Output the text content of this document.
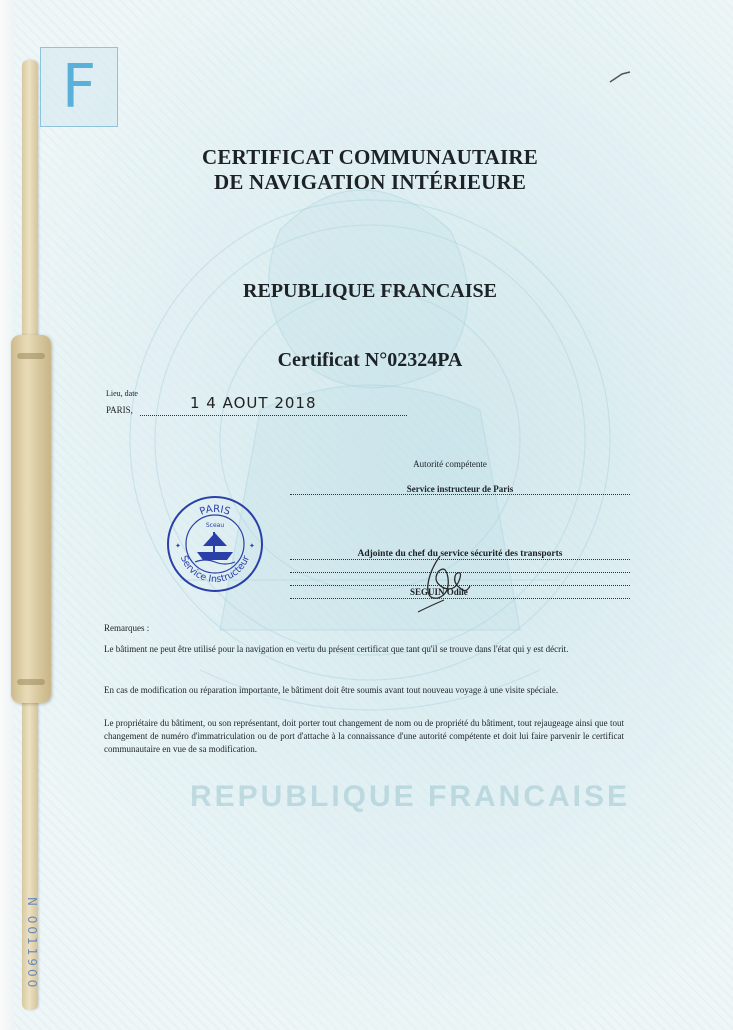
REPUBLIQUE FRANCAISE
F
CERTIFICAT COMMUNAUTAIRE
DE NAVIGATION INTÉRIEURE
REPUBLIQUE FRANCAISE
Certificat N°02324PA
Lieu, date
PARIS,	1 4 AOUT 2018
Autorité compétente
Service instructeur de Paris
PARIS
Service Instructeur
Sceau
✦	✦
Adjointe du chef du service sécurité des transports
SEGUIN Odile
Remarques :
Le bâtiment ne peut être utilisé pour la navigation en vertu du présent certificat que tant qu'il se trouve dans l'état qui y est décrit.
En cas de modification ou réparation importante, le bâtiment doit être soumis avant tout nouveau voyage à une visite spéciale.
Le propriétaire du bâtiment, ou son représentant, doit porter tout changement de nom ou de propriété du bâtiment, tout rejaugeage ainsi que tout changement de numéro d'immatriculation ou de port d'attache à la connaissance d'une autorité compétente et doit lui faire parvenir le certificat communautaire en vue de sa modification.
N 0011900
